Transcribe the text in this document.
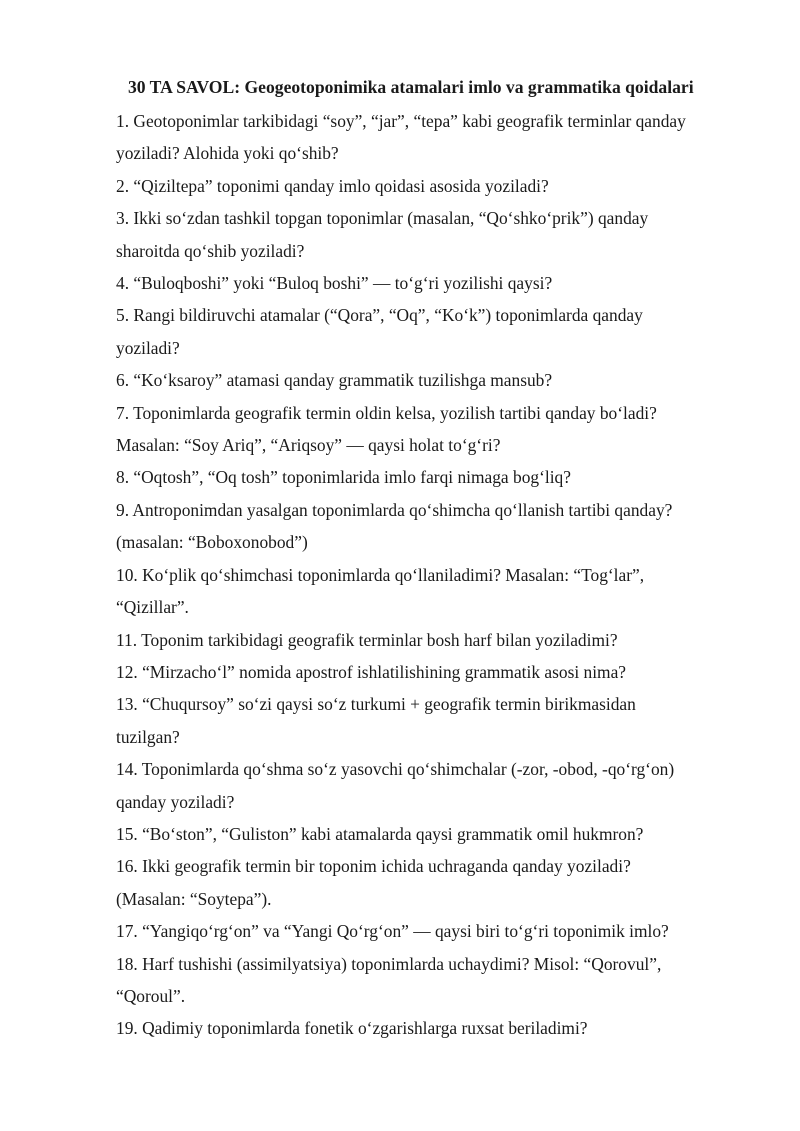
30 TA SAVOL: Geogeotoponimika atamalari imlo va grammatika qoidalari
1. Geotoponimlar tarkibidagi “soy”, “jar”, “tepa” kabi geografik terminlar qanday
yoziladi? Alohida yoki qo‘shib?
2. “Qiziltepa” toponimi qanday imlo qoidasi asosida yoziladi?
3. Ikki so‘zdan tashkil topgan toponimlar (masalan, “Qo‘shko‘prik”) qanday
sharoitda qo‘shib yoziladi?
4. “Buloqboshi” yoki “Buloq boshi” — to‘g‘ri yozilishi qaysi?
5. Rangi bildiruvchi atamalar (“Qora”, “Oq”, “Ko‘k”) toponimlarda qanday
yoziladi?
6. “Ko‘ksaroy” atamasi qanday grammatik tuzilishga mansub?
7. Toponimlarda geografik termin oldin kelsa, yozilish tartibi qanday bo‘ladi?
Masalan: “Soy Ariq”, “Ariqsoy” — qaysi holat to‘g‘ri?
8. “Oqtosh”, “Oq tosh” toponimlarida imlo farqi nimaga bog‘liq?
9. Antroponimdan yasalgan toponimlarda qo‘shimcha qo‘llanish tartibi qanday?
(masalan: “Boboxonobod”)
10. Ko‘plik qo‘shimchasi toponimlarda qo‘llaniladimi? Masalan: “Tog‘lar”,
“Qizillar”.
11. Toponim tarkibidagi geografik terminlar bosh harf bilan yoziladimi?
12. “Mirzacho‘l” nomida apostrof ishlatilishining grammatik asosi nima?
13. “Chuqursoy” so‘zi qaysi so‘z turkumi + geografik termin birikmasidan
tuzilgan?
14. Toponimlarda qo‘shma so‘z yasovchi qo‘shimchalar (-zor, -obod, -qo‘rg‘on)
qanday yoziladi?
15. “Bo‘ston”, “Guliston” kabi atamalarda qaysi grammatik omil hukmron?
16. Ikki geografik termin bir toponim ichida uchraganda qanday yoziladi?
(Masalan: “Soytepa”).
17. “Yangiqo‘rg‘on” va “Yangi Qo‘rg‘on” — qaysi biri to‘g‘ri toponimik imlo?
18. Harf tushishi (assimilyatsiya) toponimlarda uchaydimi? Misol: “Qorovul”,
“Qoroul”.
19. Qadimiy toponimlarda fonetik o‘zgarishlarga ruxsat beriladimi?
